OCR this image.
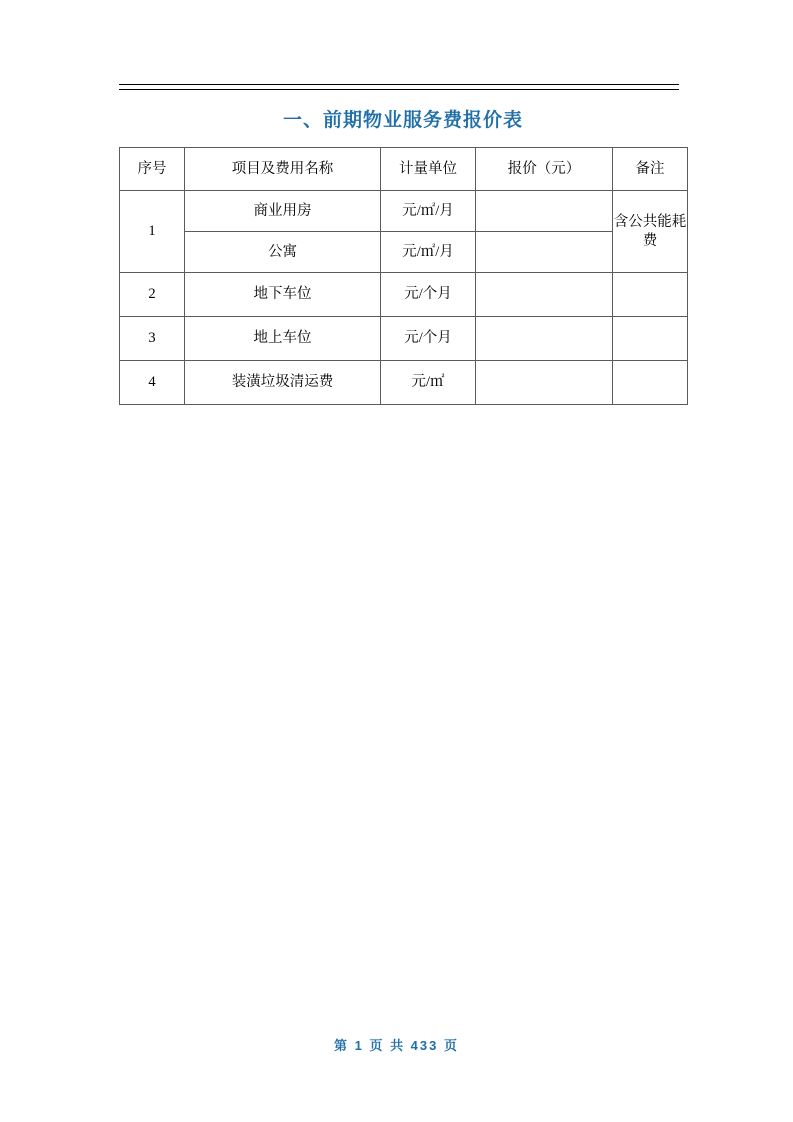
一、前期物业服务费报价表
序号	项目及费用名称	计量单位	报价（元）	备注
1	商业用房	元/㎡/月		含公共能耗费
	公寓	元/㎡/月		
2	地下车位	元/个月		
3	地上车位	元/个月		
4	装潢垃圾清运费	元/㎡		
第 1 页 共 433 页
